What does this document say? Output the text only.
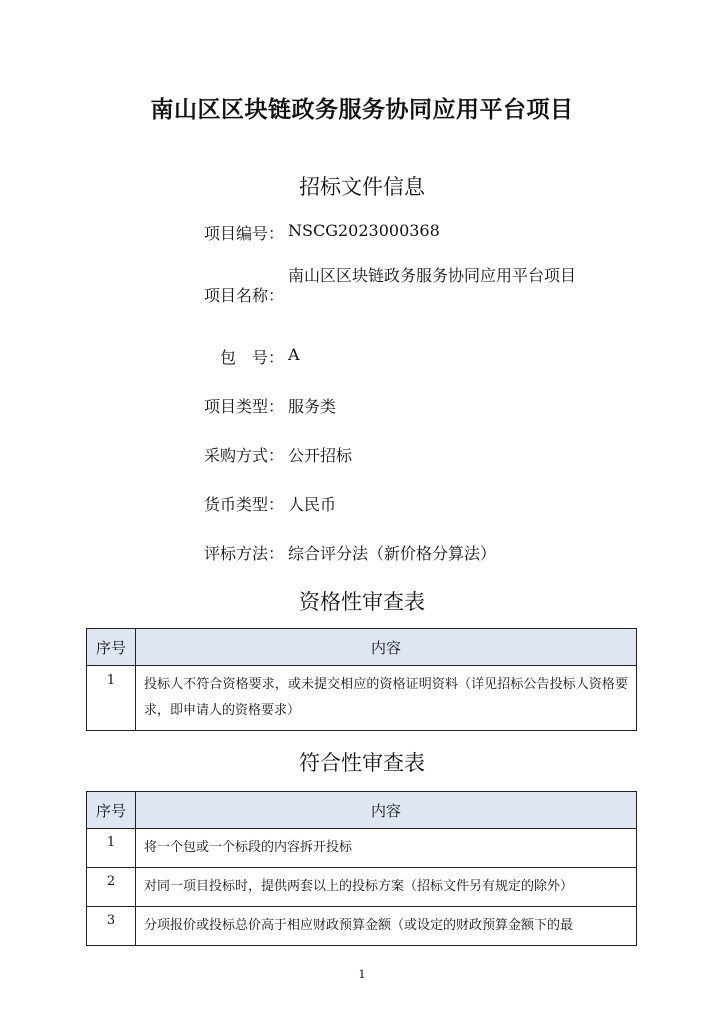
南山区区块链政务服务协同应用平台项目
招标文件信息
项目编号： NSCG2023000368
项目名称：
南山区区块链政务服务协同应用平台项目
包　号： A
项目类型： 服务类
采购方式： 公开招标
货币类型： 人民币
评标方法： 综合评分法（新价格分算法）
资格性审查表
序号	内容
1	投标人不符合资格要求，或未提交相应的资格证明资料（详见招标公告投标人资格要求，即申请人的资格要求）
符合性审查表
序号	内容
1	将一个包或一个标段的内容拆开投标
2	对同一项目投标时，提供两套以上的投标方案（招标文件另有规定的除外）
3	分项报价或投标总价高于相应财政预算金额（或设定的财政预算金额下的最
1
